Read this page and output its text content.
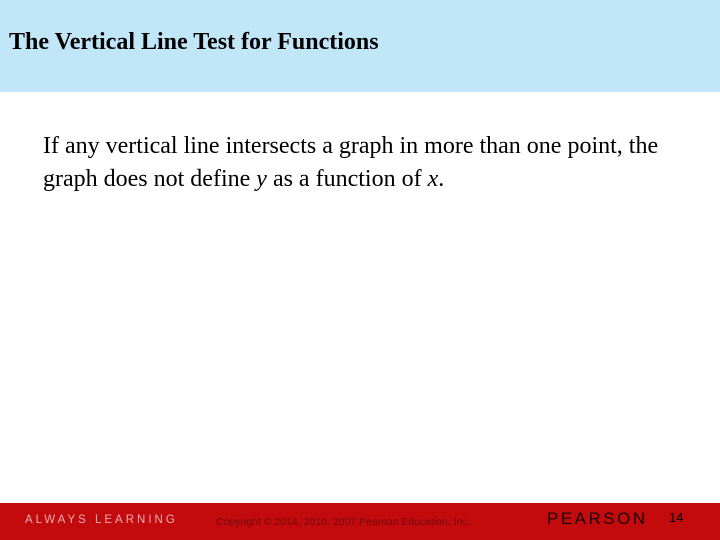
The Vertical Line Test for Functions
If any vertical line intersects a graph in more than one point, the graph does not define y as a function of x.
ALWAYS LEARNING	Copyright © 2014, 2010, 2007 Pearson Education, Inc.	PEARSON 14
